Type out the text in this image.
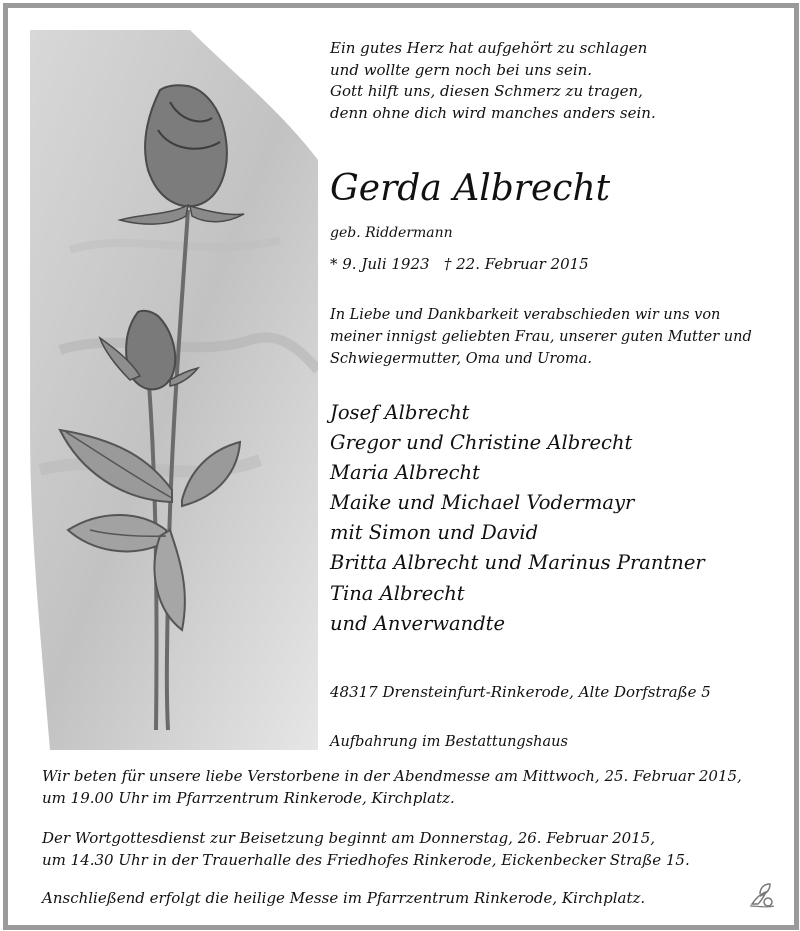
Ein gutes Herz hat aufgehört zu schlagen
und wollte gern noch bei uns sein.
Gott hilft uns, diesen Schmerz zu tragen,
denn ohne dich wird manches anders sein.
Gerda Albrecht
geb. Riddermann
* 9. Juli 1923   † 22. Februar 2015
In Liebe und Dankbarkeit verabschieden wir uns von
meiner innigst geliebten Frau, unserer guten Mutter und
Schwiegermutter, Oma und Uroma.
Josef Albrecht
Gregor und Christine Albrecht
Maria Albrecht
Maike und Michael Vodermayr
mit Simon und David
Britta Albrecht und Marinus Prantner
Tina Albrecht
und Anverwandte
48317 Drensteinfurt-Rinkerode, Alte Dorfstraße 5
Aufbahrung im Bestattungshaus
Wir beten für unsere liebe Verstorbene in der Abendmesse am Mittwoch, 25. Februar 2015,
um 19.00 Uhr im Pfarrzentrum Rinkerode, Kirchplatz.
Der Wortgottesdienst zur Beisetzung beginnt am Donnerstag, 26. Februar 2015,
um 14.30 Uhr in der Trauerhalle des Friedhofes Rinkerode, Eickenbecker Straße 15.
Anschließend erfolgt die heilige Messe im Pfarrzentrum Rinkerode, Kirchplatz.
